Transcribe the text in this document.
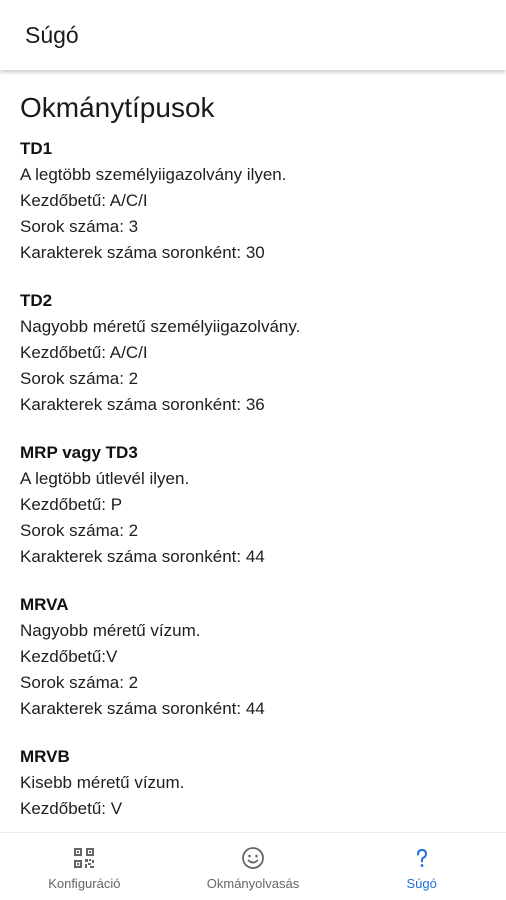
Súgó
Okmánytípusok
TD1
A legtöbb személyiigazolvány ilyen.
Kezdőbetű: A/C/I
Sorok száma: 3
Karakterek száma soronként: 30
TD2
Nagyobb méretű személyiigazolvány.
Kezdőbetű: A/C/I
Sorok száma: 2
Karakterek száma soronként: 36
MRP vagy TD3
A legtöbb útlevél ilyen.
Kezdőbetű: P
Sorok száma: 2
Karakterek száma soronként: 44
MRVA
Nagyobb méretű vízum.
Kezdőbetű:V
Sorok száma: 2
Karakterek száma soronként: 44
MRVB
Kisebb méretű vízum.
Kezdőbetű: V
Konfiguráció	Okmányolvasás	Súgó
